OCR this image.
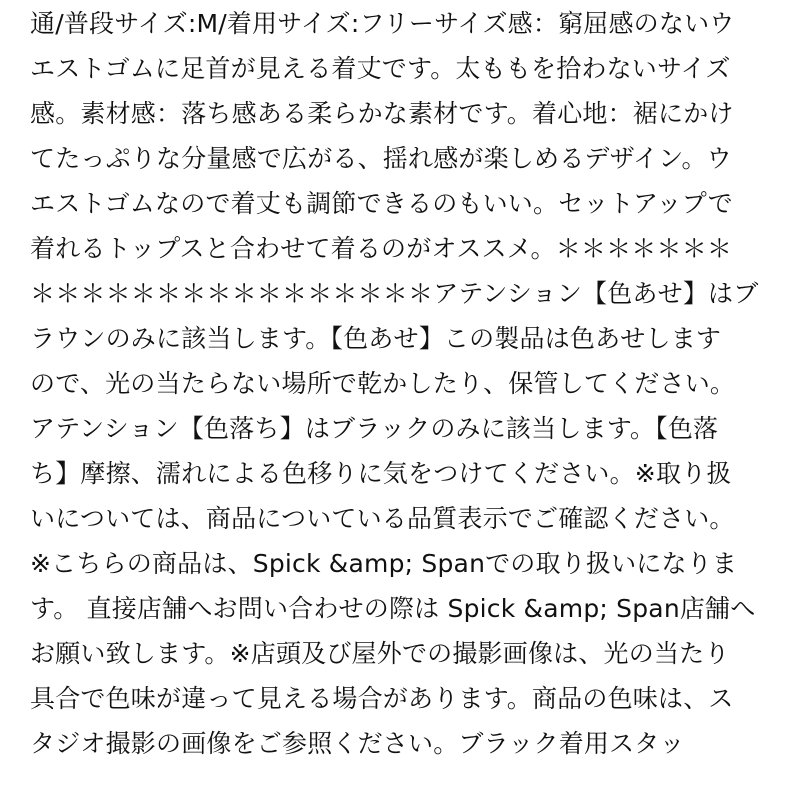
通/普段サイズ:M/着用サイズ:フリーサイズ感：窮屈感のないウ
エストゴムに足首が見える着丈です。太ももを拾わないサイズ
感。素材感：落ち感ある柔らかな素材です。着心地：裾にかけ
てたっぷりな分量感で広がる、揺れ感が楽しめるデザイン。ウ
エストゴムなので着丈も調節できるのもいい。セットアップで
着れるトップスと合わせて着るのがオススメ。＊＊＊＊＊＊＊
＊＊＊＊＊＊＊＊＊＊＊＊＊＊＊＊アテンション【色あせ】はブ
ラウンのみに該当します。【色あせ】この製品は色あせします
ので、光の当たらない場所で乾かしたり、保管してください。
アテンション【色落ち】はブラックのみに該当します。【色落
ち】摩擦、濡れによる色移りに気をつけてください。※取り扱
いについては、商品についている品質表示でご確認ください。
※こちらの商品は、Spick &amp; Spanでの取り扱いになりま
す。 直接店舗へお問い合わせの際は Spick &amp; Span店舗へ
お願い致します。※店頭及び屋外での撮影画像は、光の当たり
具合で色味が違って見える場合があります。商品の色味は、ス
タジオ撮影の画像をご参照ください。ブラック着用スタッ
